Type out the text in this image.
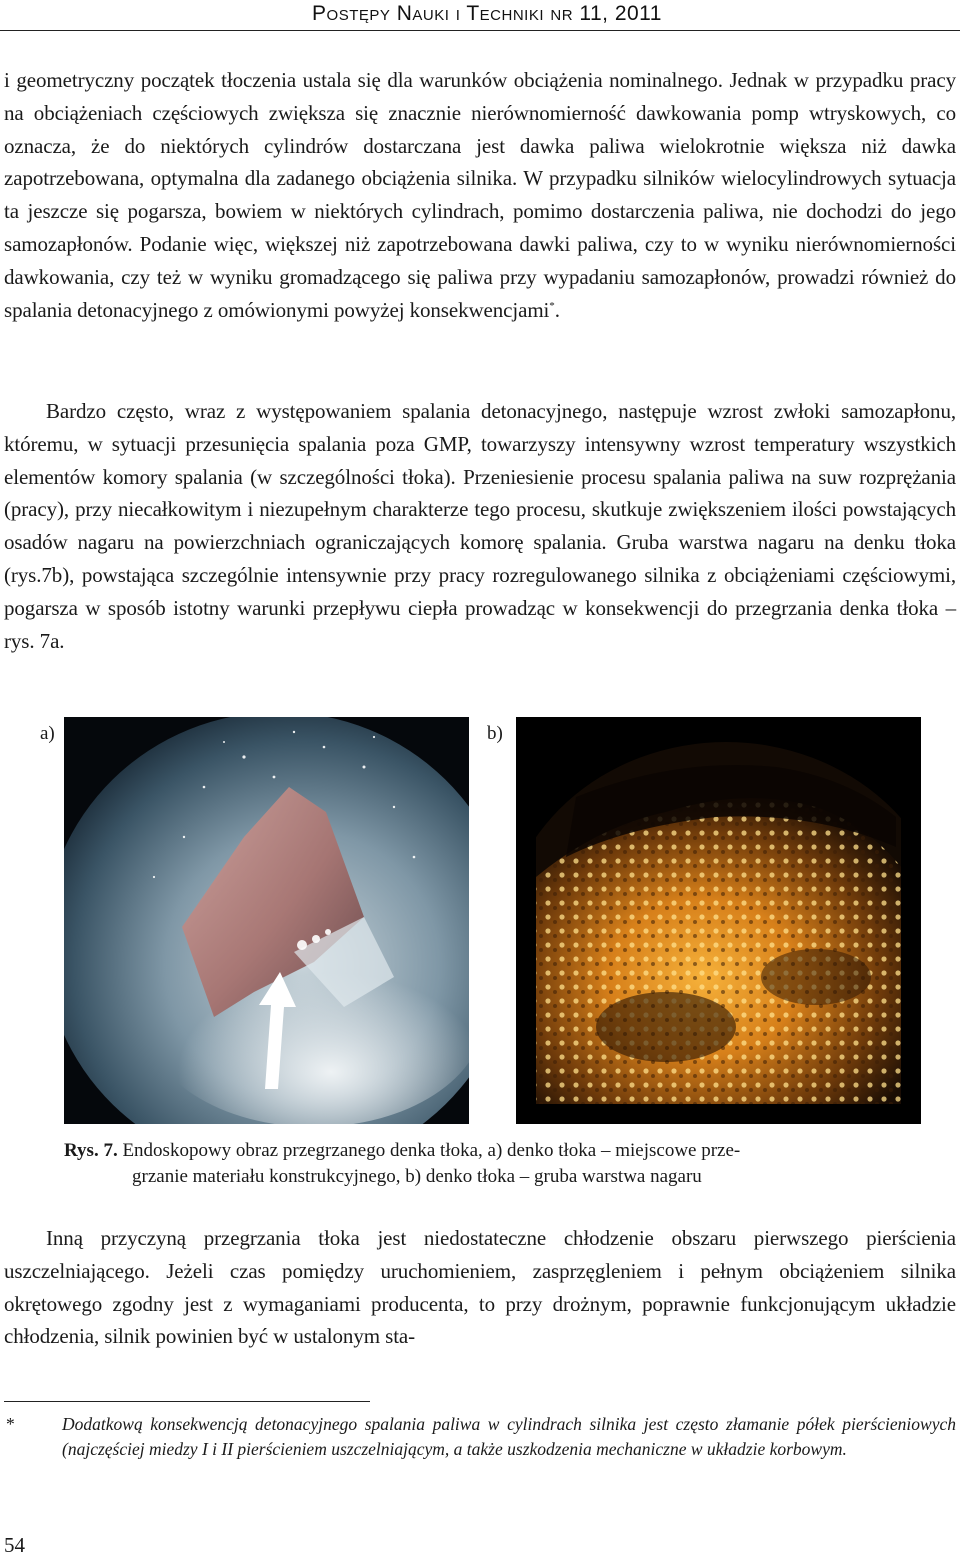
Postępy Nauki i Techniki nr 11, 2011

i geometryczny początek tłoczenia ustala się dla warunków obciążenia nominalnego. Jednak w przypadku pracy na obciążeniach częściowych zwiększa się znacznie nierównomierność dawkowania pomp wtryskowych, co oznacza, że do niektórych cylindrów dostarczana jest dawka paliwa wielokrotnie większa niż dawka zapotrzebowana, optymalna dla zadanego obciążenia silnika. W przypadku silników wielocylindrowych sytuacja ta jeszcze się pogarsza, bowiem w niektórych cylindrach, pomimo dostarczenia paliwa, nie dochodzi do jego samozapłonów. Podanie więc, większej niż zapotrzebowana dawki paliwa, czy to w wyniku nierównomierności dawkowania, czy też w wyniku gromadzącego się paliwa przy wypadaniu samozapłonów, prowadzi również do spalania detonacyjnego z omówionymi powyżej konsekwencjami*.

Bardzo często, wraz z występowaniem spalania detonacyjnego, następuje wzrost zwłoki samozapłonu, któremu, w sytuacji przesunięcia spalania poza GMP, towarzyszy intensywny wzrost temperatury wszystkich elementów komory spalania (w szczególności tłoka). Przeniesienie procesu spalania paliwa na suw rozprężania (pracy), przy niecałkowitym i niezupełnym charakterze tego procesu, skutkuje zwiększeniem ilości powstających osadów nagaru na powierzchniach ograniczających komorę spalania. Gruba warstwa nagaru na denku tłoka (rys.7b), powstająca szczególnie intensywnie przy pracy rozregulowanego silnika z obciążeniami częściowymi, pogarsza w sposób istotny warunki przepływu ciepła prowadząc w konsekwencji do przegrzania denka tłoka – rys. 7a.

a)	b)

Rys. 7. Endoskopowy obraz przegrzanego denka tłoka, a) denko tłoka – miejscowe prze-
grzanie materiału konstrukcyjnego, b) denko tłoka – gruba warstwa nagaru

Inną przyczyną przegrzania tłoka jest niedostateczne chłodzenie obszaru pierwszego pierścienia uszczelniającego. Jeżeli czas pomiędzy uruchomieniem, zasprzęgleniem i pełnym obciążeniem silnika okrętowego zgodny jest z wymaganiami producenta, to przy drożnym, poprawnie funkcjonującym układzie chłodzenia, silnik powinien być w ustalonym sta-

*	Dodatkową konsekwencją detonacyjnego spalania paliwa w cylindrach silnika jest często złamanie półek pierścieniowych (najczęściej miedzy I i II pierścieniem uszczelniającym, a także uszkodzenia mechaniczne w układzie korbowym.
54
